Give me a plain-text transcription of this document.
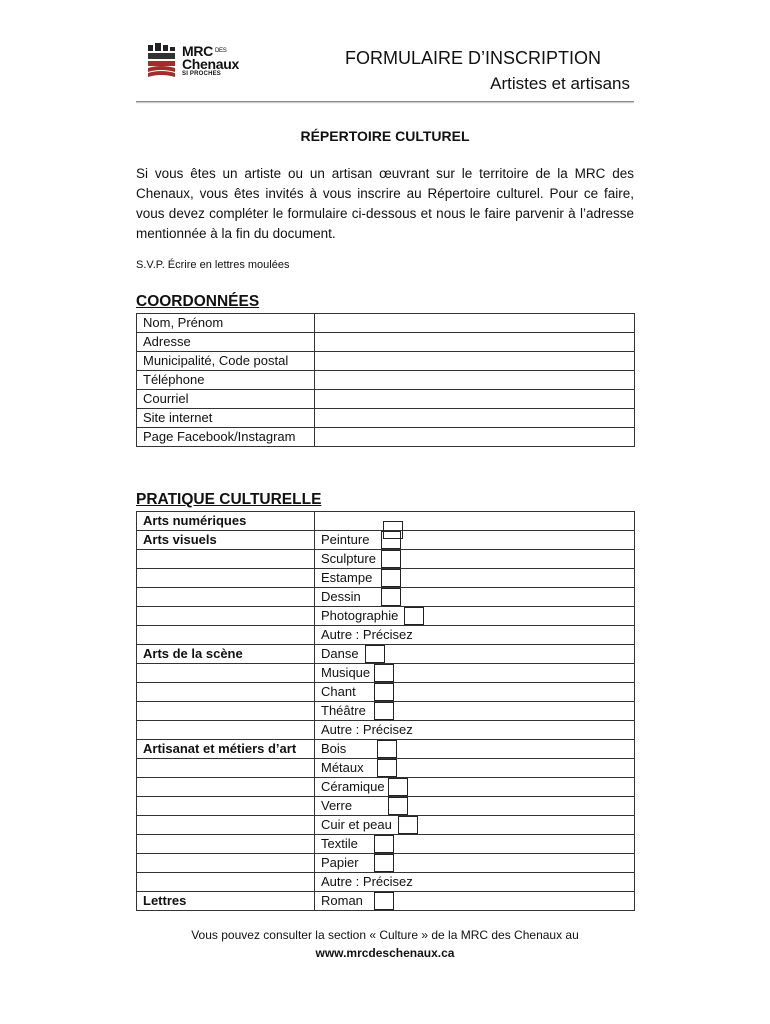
MRC $^{DES}$
Chenaux
SI PROCHES
FORMULAIRE D’INSCRIPTION
Artistes et artisans
RÉPERTOIRE CULTUREL

Si vous êtes un artiste ou un artisan œuvrant sur le territoire de la MRC des Chenaux, vous êtes invités à vous inscrire au Répertoire culturel. Pour ce faire, vous devez compléter le formulaire ci-dessous et nous le faire parvenir à l’adresse mentionnée à la fin du document.

S.V.P. Écrire en lettres moulées
COORDONNÉES
Nom, Prénom	
Adresse	
Municipalité, Code postal	
Téléphone	
Courriel	
Site internet	
Page Facebook/Instagram	
PRATIQUE CULTURELLE
Arts numériques	

Arts visuels	Peinture

	Sculpture

	Estampe

	Dessin

	Photographie

	Autre : Précisez
Arts de la scène	Danse

	Musique

	Chant

	Théâtre

	Autre : Précisez
Artisanat et métiers d’art	Bois

	Métaux

	Céramique

	Verre

	Cuir et peau

	Textile

	Papier

	Autre : Précisez
Lettres	Roman
Vous pouvez consulter la section « Culture » de la MRC des Chenaux au
www.mrcdeschenaux.ca
